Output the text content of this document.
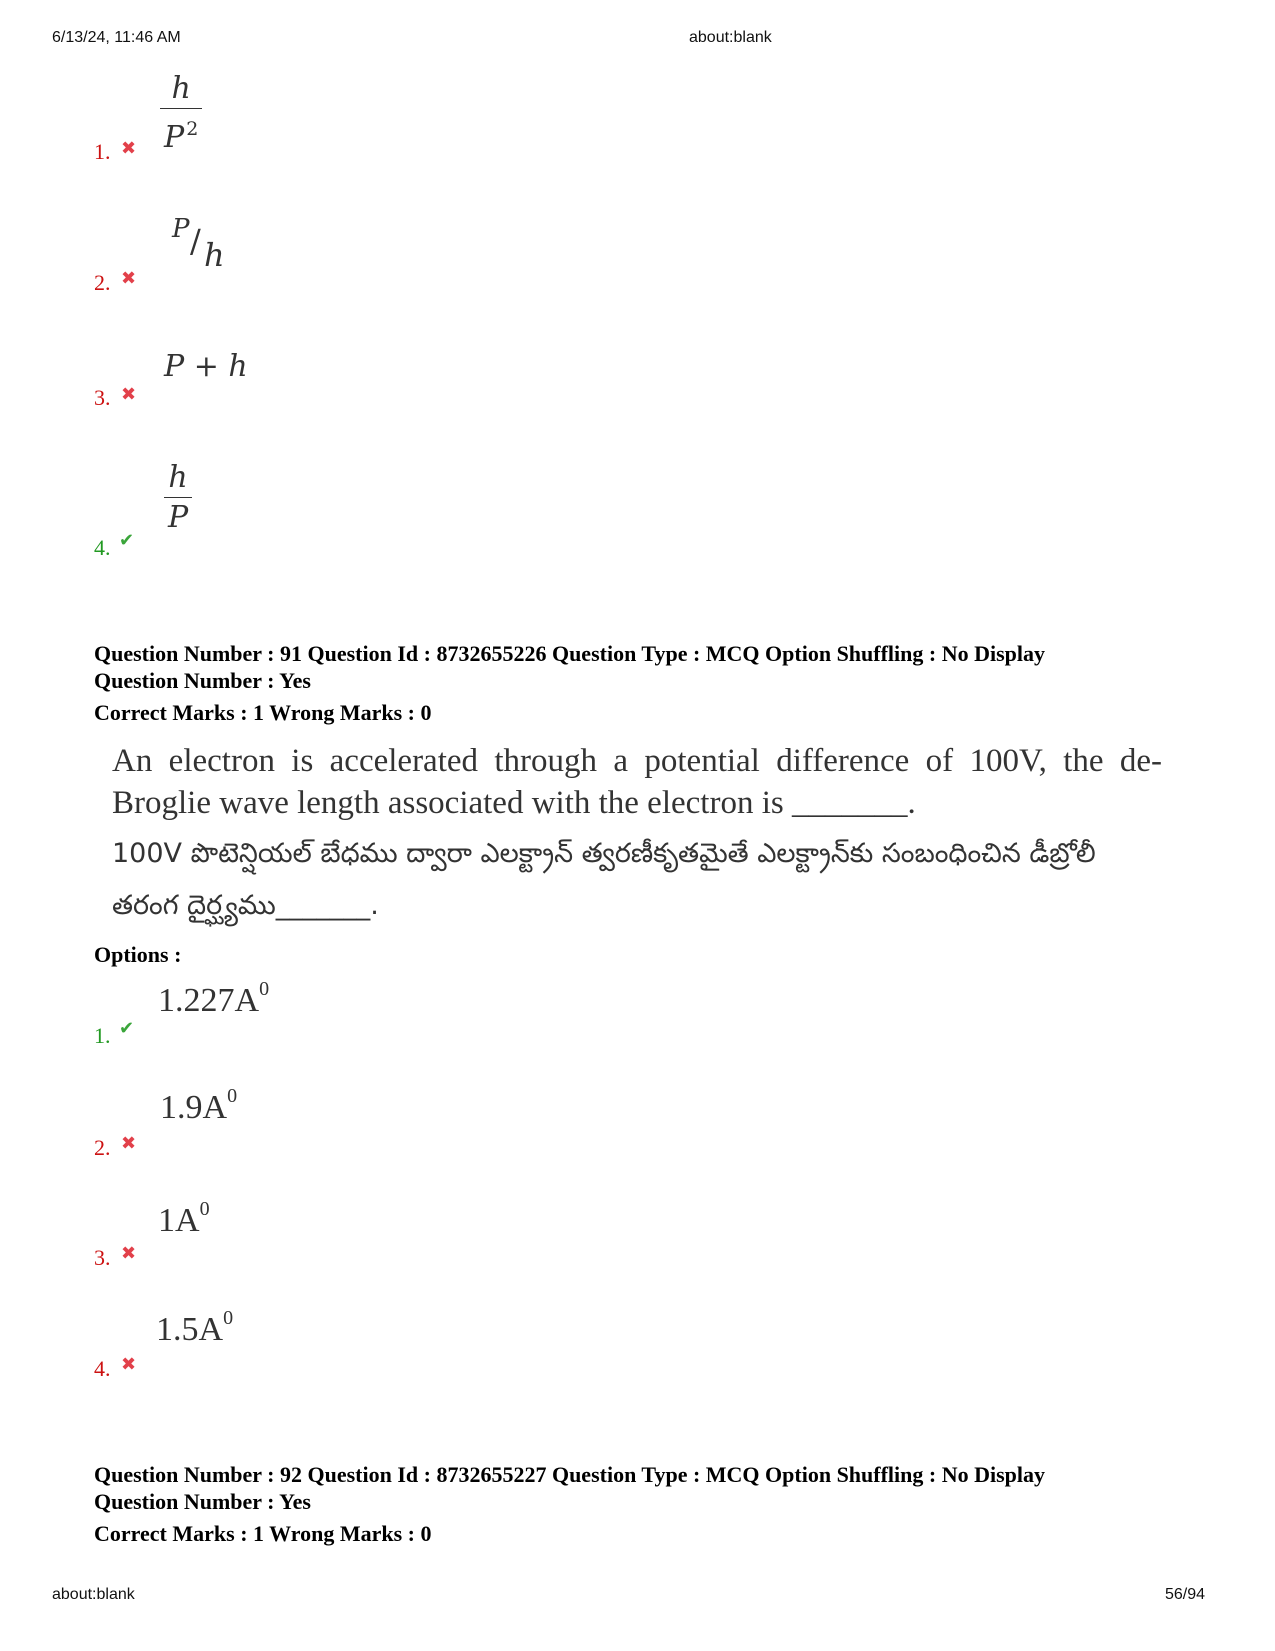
6/13/24, 11:46 AM	about:blank
1. ✖ $\frac{h}{P ^2}$
2. ✖
P / h
3. ✖
P + h
4. ✔
$\frac{h}{P}$
Question Number : 91 Question Id : 8732655226 Question Type : MCQ Option Shuffling : No Display
Question Number : Yes
Correct Marks : 1 Wrong Marks : 0
An electron is accelerated through a potential difference of 100V, the de-Broglie wave length associated with the electron is _______.
100V పొటెన్షియల్ బేధము ద్వారా ఎలక్ట్రాన్ త్వరణీకృతమైతే ఎలక్ట్రాన్‌కు సంబంధించిన డీబ్రోలీ తరంగ దైర్ఘ్యము_______.
Options :
1. ✔
$1.227A^0$
2. ✖
$1.9A^0$
3. ✖
$1A^0$
4. ✖
$1.5A^0$
Question Number : 92 Question Id : 8732655227 Question Type : MCQ Option Shuffling : No Display
Question Number : Yes
Correct Marks : 1 Wrong Marks : 0
about:blank	56/94
